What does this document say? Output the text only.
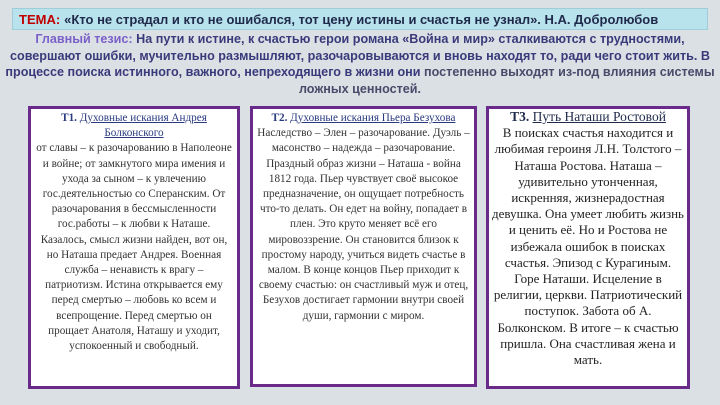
ТЕМА: «Кто не страдал и кто не ошибался, тот цену истины и счастья не узнал». Н.А. Добролюбов
Главный тезис: На пути к истине, к счастью герои романа «Война и мир» сталкиваются с трудностями, совершают ошибки, мучительно размышляют, разочаровываются и вновь находят то, ради чего стоит жить. В процессе поиска истинного, важного, непреходящего в жизни они постепенно выходят из-под влияния системы ложных ценностей.
Т1. Духовные искания Андрея Болконского
от славы – к разочарованию в Наполеоне и войне; от замкнутого мира имения и ухода за сыном – к увлечению гос.деятельностью со Сперанским. От разочарования в бессмысленности гос.работы – к любви к Наташе. Казалось, смысл жизни найден, вот он, но Наташа предает Андрея. Военная служба – ненависть к врагу – патриотизм. Истина открывается ему перед смертью – любовь ко всем и всепрощение. Перед смертью он прощает Анатоля, Наташу и уходит, успокоенный и свободный.
Т2. Духовные искания Пьера Безухова
Наследство – Элен – разочарование. Дуэль – масонство – надежда – разочарование. Праздный образ жизни – Наташа - война 1812 года. Пьер чувствует своё высокое предназначение, он ощущает потребность что-то делать. Он едет на войну, попадает в плен. Это круто меняет всё его мировоззрение. Он становится близок к простому народу, учиться видеть счастье в малом. В конце концов Пьер приходит к своему счастью: он счастливый муж и отец, Безухов достигает гармонии внутри своей души, гармонии с миром.
Т3. Путь Наташи Ростовой
В поисках счастья находится и любимая героиня Л.Н. Толстого – Наташа Ростова. Наташа – удивительно утонченная, искренняя, жизнерадостная девушка. Она умеет любить жизнь и ценить её. Но и Ростова не избежала ошибок в поисках счастья. Эпизод с Курагиным. Горе Наташи. Исцеление в религии, церкви. Патриотический поступок. Забота об А. Болконском. В итоге – к счастью пришла. Она счастливая жена и мать.
